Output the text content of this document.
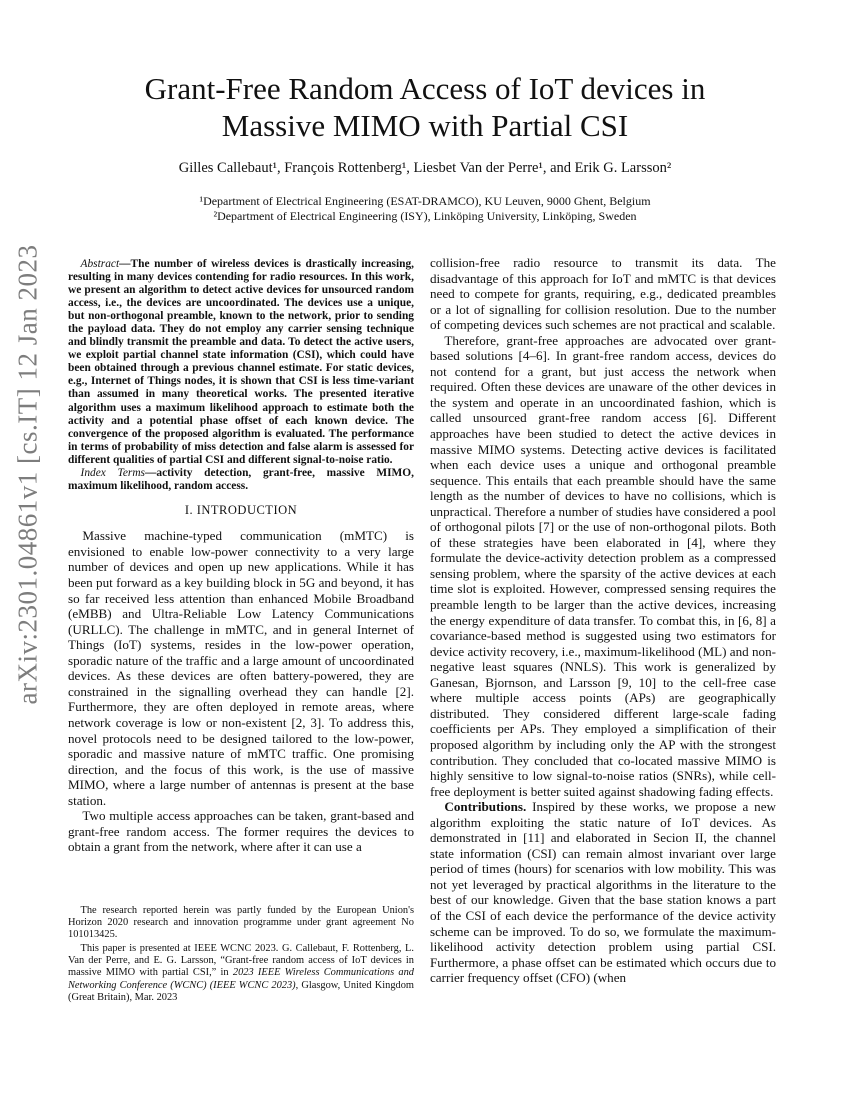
arXiv:2301.04861v1 [cs.IT] 12 Jan 2023
Grant-Free Random Access of IoT devices in
Massive MIMO with Partial CSI
Gilles Callebaut¹, François Rottenberg¹, Liesbet Van der Perre¹, and Erik G. Larsson²
¹Department of Electrical Engineering (ESAT-DRAMCO), KU Leuven, 9000 Ghent, Belgium
²Department of Electrical Engineering (ISY), Linköping University, Linköping, Sweden

Abstract—The number of wireless devices is drastically increasing, resulting in many devices contending for radio resources. In this work, we present an algorithm to detect active devices for unsourced random access, i.e., the devices are uncoordinated. The devices use a unique, but non-orthogonal preamble, known to the network, prior to sending the payload data. They do not employ any carrier sensing technique and blindly transmit the preamble and data. To detect the active users, we exploit partial channel state information (CSI), which could have been obtained through a previous channel estimate. For static devices, e.g., Internet of Things nodes, it is shown that CSI is less time-variant than assumed in many theoretical works. The presented iterative algorithm uses a maximum likelihood approach to estimate both the activity and a potential phase offset of each known device. The convergence of the proposed algorithm is evaluated. The performance in terms of probability of miss detection and false alarm is assessed for different qualities of partial CSI and different signal-to-noise ratio.

Index Terms—activity detection, grant-free, massive MIMO, maximum likelihood, random access.

I. INTRODUCTION

Massive machine-typed communication (mMTC) is envisioned to enable low-power connectivity to a very large number of devices and open up new applications. While it has been put forward as a key building block in 5G and beyond, it has so far received less attention than enhanced Mobile Broadband (eMBB) and Ultra-Reliable Low Latency Communications (URLLC). The challenge in mMTC, and in general Internet of Things (IoT) systems, resides in the low-power operation, sporadic nature of the traffic and a large amount of uncoordinated devices. As these devices are often battery-powered, they are constrained in the signalling overhead they can handle [2]. Furthermore, they are often deployed in remote areas, where network coverage is low or non-existent [2, 3]. To address this, novel protocols need to be designed tailored to the low-power, sporadic and massive nature of mMTC traffic. One promising direction, and the focus of this work, is the use of massive MIMO, where a large number of antennas is present at the base station.

Two multiple access approaches can be taken, grant-based and grant-free random access. The former requires the devices to obtain a grant from the network, where after it can use a

The research reported herein was partly funded by the European Union's Horizon 2020 research and innovation programme under grant agreement No 101013425.

This paper is presented at IEEE WCNC 2023. G. Callebaut, F. Rottenberg, L. Van der Perre, and E. G. Larsson, “Grant-free random access of IoT devices in massive MIMO with partial CSI,” in 2023 IEEE Wireless Communications and Networking Conference (WCNC) (IEEE WCNC 2023), Glasgow, United Kingdom (Great Britain), Mar. 2023

collision-free radio resource to transmit its data. The disadvantage of this approach for IoT and mMTC is that devices need to compete for grants, requiring, e.g., dedicated preambles or a lot of signalling for collision resolution. Due to the number of competing devices such schemes are not practical and scalable.

Therefore, grant-free approaches are advocated over grant-based solutions [4–6]. In grant-free random access, devices do not contend for a grant, but just access the network when required. Often these devices are unaware of the other devices in the system and operate in an uncoordinated fashion, which is called unsourced grant-free random access [6]. Different approaches have been studied to detect the active devices in massive MIMO systems. Detecting active devices is facilitated when each device uses a unique and orthogonal preamble sequence. This entails that each preamble should have the same length as the number of devices to have no collisions, which is unpractical. Therefore a number of studies have considered a pool of orthogonal pilots [7] or the use of non-orthogonal pilots. Both of these strategies have been elaborated in [4], where they formulate the device-activity detection problem as a compressed sensing problem, where the sparsity of the active devices at each time slot is exploited. However, compressed sensing requires the preamble length to be larger than the active devices, increasing the energy expenditure of data transfer. To combat this, in [6, 8] a covariance-based method is suggested using two estimators for device activity recovery, i.e., maximum-likelihood (ML) and non-negative least squares (NNLS). This work is generalized by Ganesan, Bjornson, and Larsson [9, 10] to the cell-free case where multiple access points (APs) are geographically distributed. They considered different large-scale fading coefficients per APs. They employed a simplification of their proposed algorithm by including only the AP with the strongest contribution. They concluded that co-located massive MIMO is highly sensitive to low signal-to-noise ratios (SNRs), while cell-free deployment is better suited against shadowing fading effects.

Contributions. Inspired by these works, we propose a new algorithm exploiting the static nature of IoT devices. As demonstrated in [11] and elaborated in Secion II, the channel state information (CSI) can remain almost invariant over large period of times (hours) for scenarios with low mobility. This was not yet leveraged by practical algorithms in the literature to the best of our knowledge. Given that the base station knows a part of the CSI of each device the performance of the device activity scheme can be improved. To do so, we formulate the maximum-likelihood activity detection problem using partial CSI. Furthermore, a phase offset can be estimated which occurs due to carrier frequency offset (CFO) (when
